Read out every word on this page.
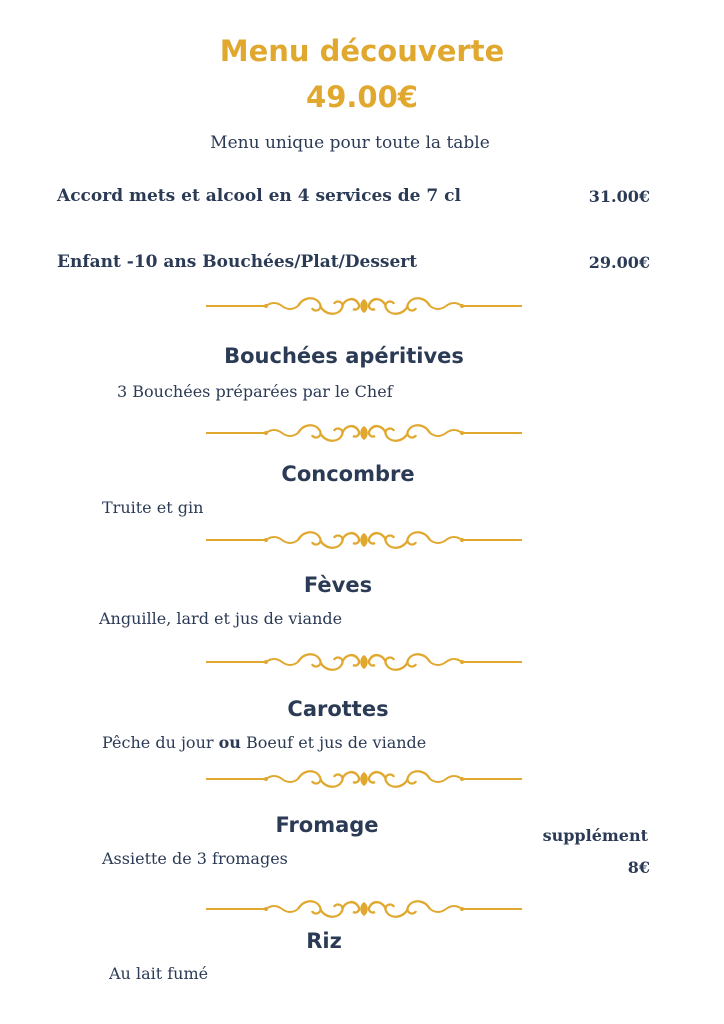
Menu découverte
49.00€
Menu unique pour toute la table
Accord mets et alcool en 4 services de 7 cl	31.00€
Enfant -10 ans Bouchées/Plat/Dessert	29.00€
Bouchées apéritives
3 Bouchées préparées par le Chef
Concombre
Truite et gin
Fèves
Anguille, lard et jus de viande
Carottes
Pêche du jour ou Boeuf et jus de viande
Fromage
Assiette de 3 fromages
supplément
8€
Riz
Au lait fumé
